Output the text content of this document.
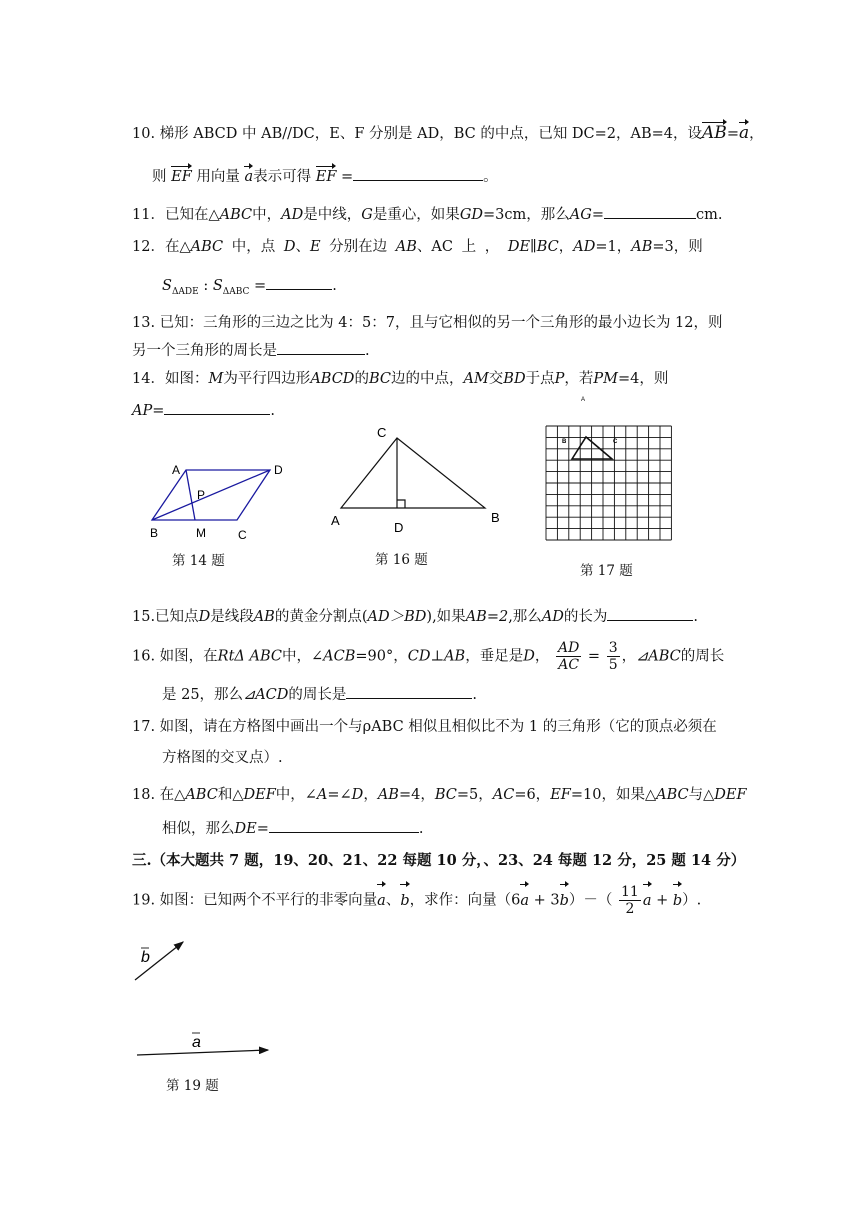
10. 梯形 ABCD 中 AB//DC，E、F 分别是 AD，BC 的中点，已知 DC=2，AB=4，设AB=a，
则 EF 用向量 a表示可得 EF =	。
11．已知在△ABC中，AD是中线，G是重心，如果GD=3cm，那么AG=	cm.
12．在△ABC 中，点 D、E 分别在边 AB、AC 上 ， DE∥BC，AD=1，AB=3，则
$S_{\Delta ADE}$ : $S_{\Delta ABC}$ =	.
13. 已知：三角形的三边之比为 4：5：7，且与它相似的另一个三角形的最小边长为 12，则
另一个三角形的周长是	.
14．如图：M为平行四边形ABCD的BC边的中点，AM交BD于点P，若PM=4，则
AP=	.
A	D
P
B	M	C
第 14 题
C
A	D
B
第 16 题
A
B	C
第 17 题
15.已知点D是线段AB的黄金分割点(AD＞BD),如果AB=2,那么AD的长为	.
16. 如图，在RtΔ ABC中，∠ACB=90°，CD⊥AB，垂足是D， $\frac{AD}{AC} = \frac{3}{5}$ ，⊿ABC的周长
是 25，那么⊿ACD的周长是	.
17. 如图，请在方格图中画出一个与ρABC 相似且相似比不为 1 的三角形（它的顶点必须在
方格图的交叉点）.
18. 在△ABC和△DEF中，∠A=∠D，AB=4，BC=5，AC=6，EF=10，如果△ABC与△DEF
相似，那么DE=	.
三.（本大题共 7 题，19、20、21、22 每题 10 分，、23、24 每题 12 分，25 题 14 分）
19. 如图：已知两个不平行的非零向量a、b，求作：向量$(6a + 3b)-( \frac{11}{2}$ a + b）.
b
a
第 19 题
